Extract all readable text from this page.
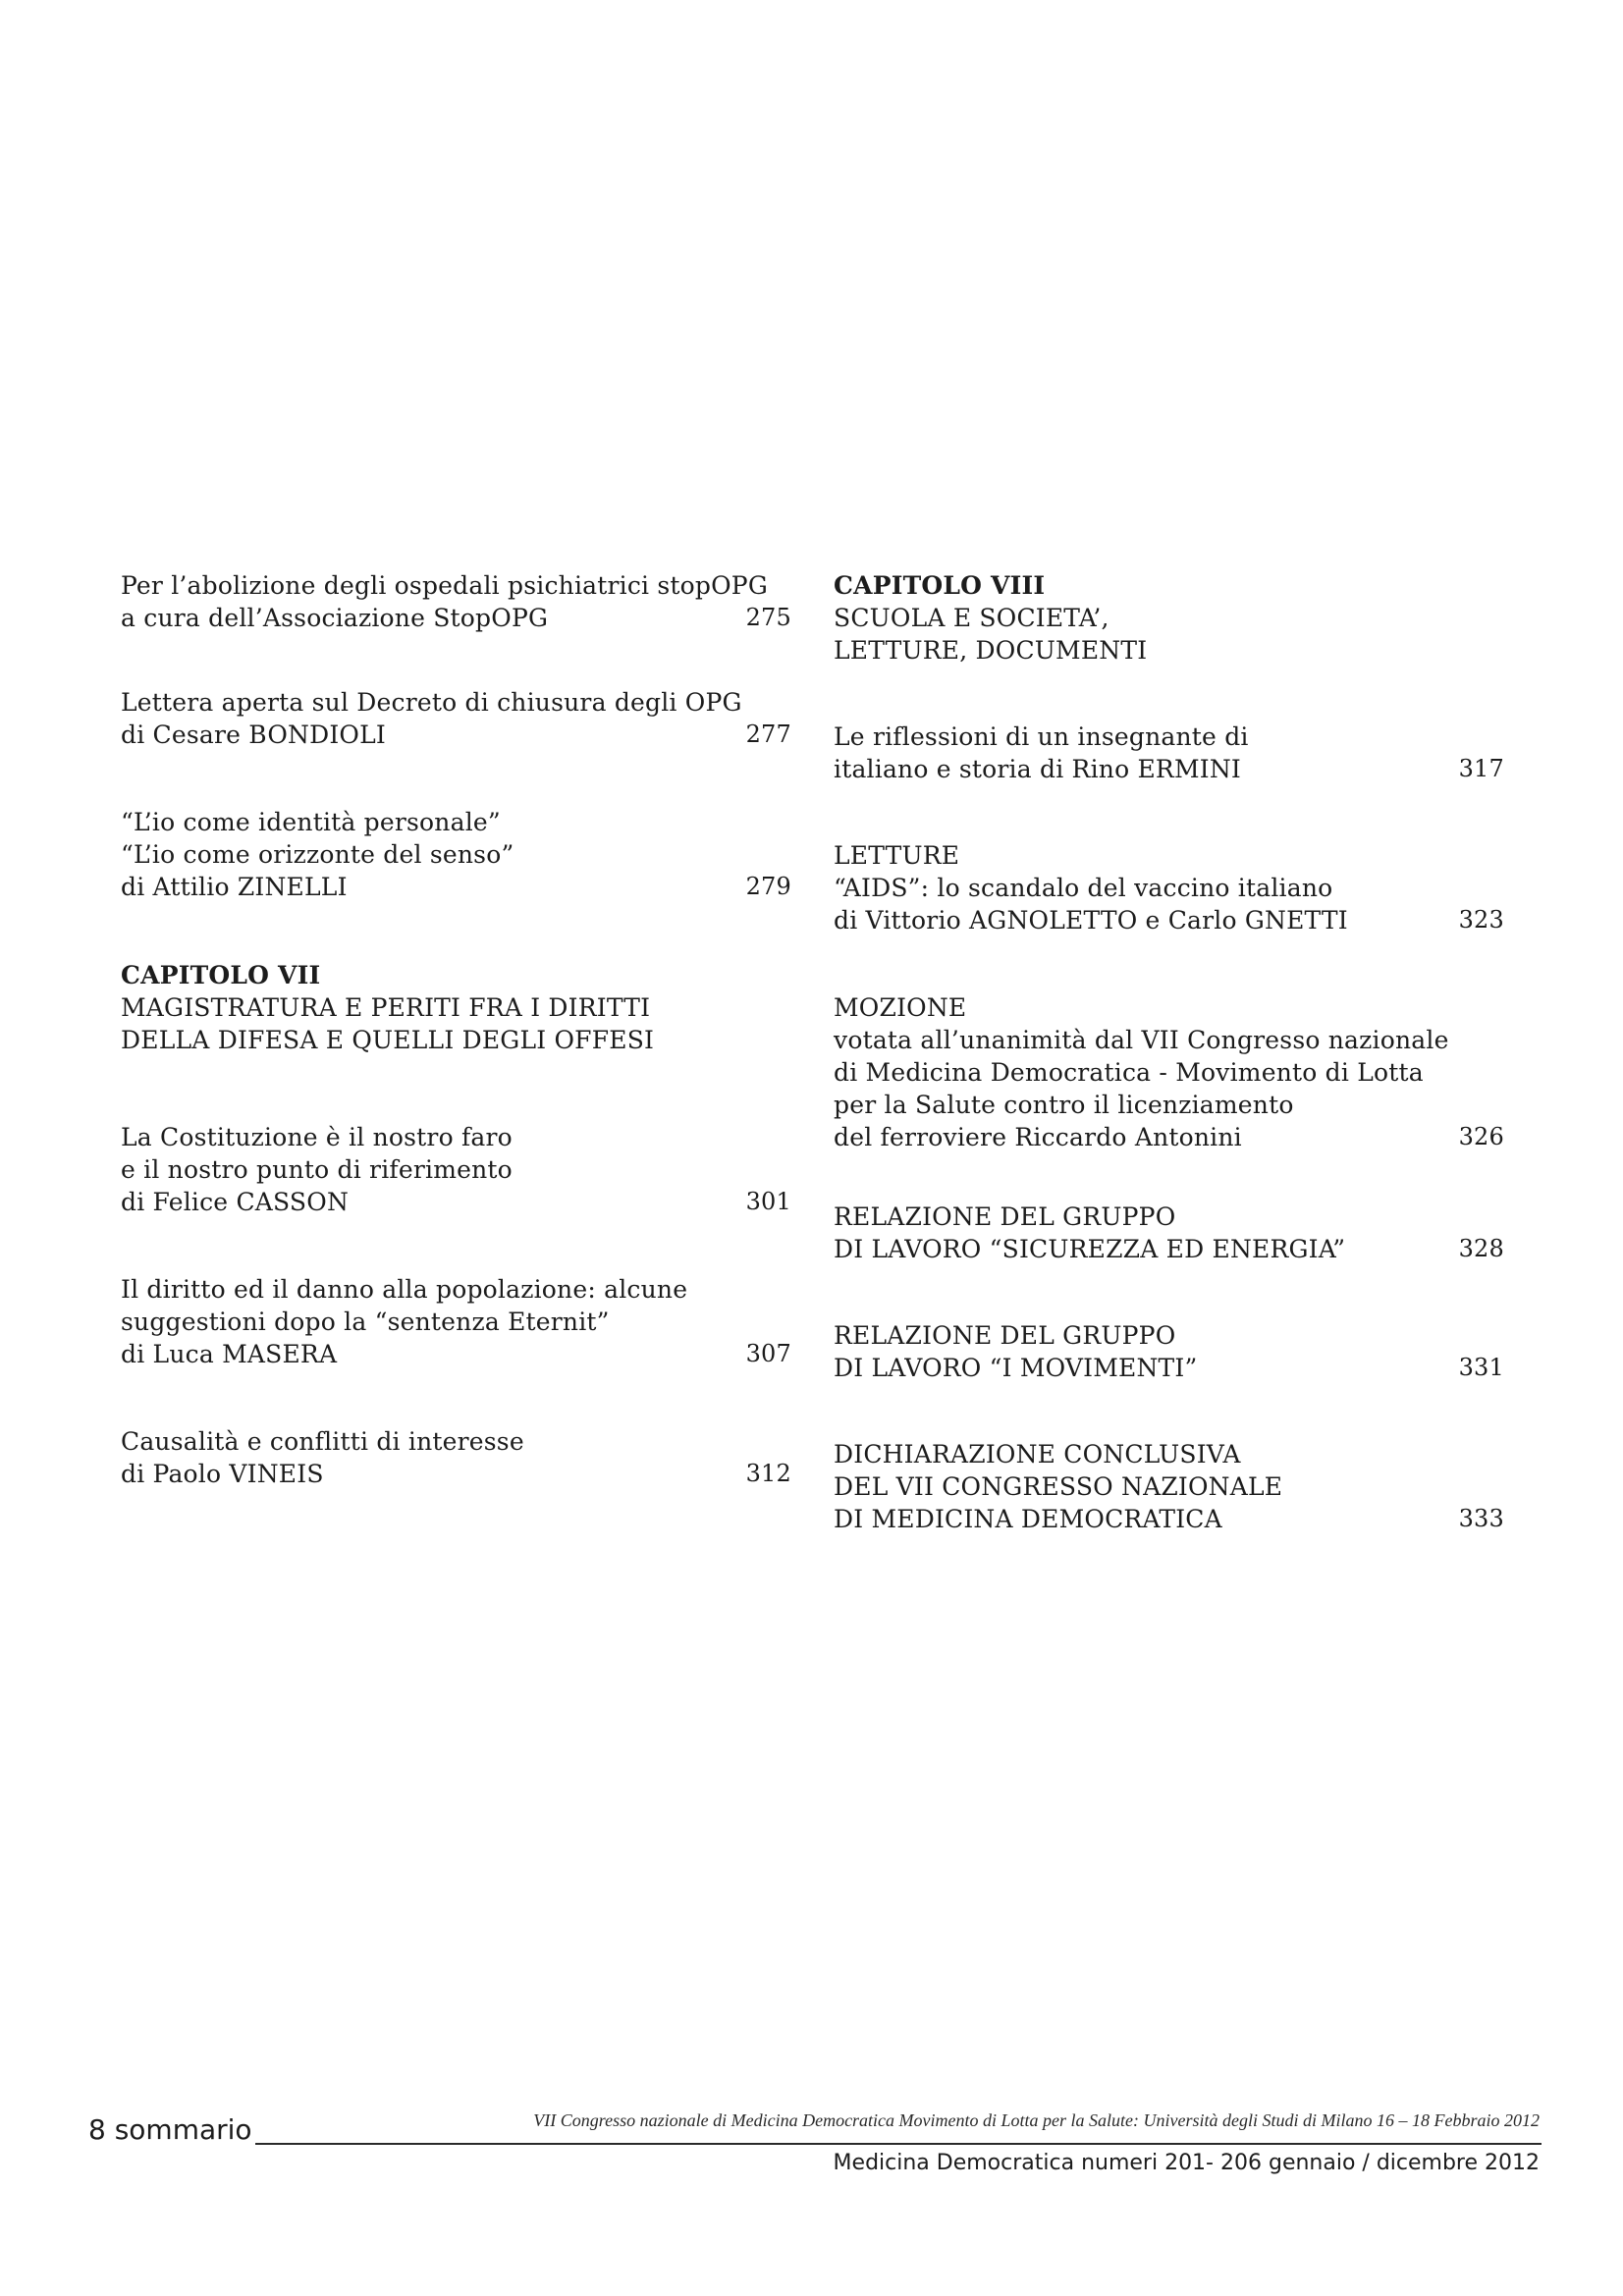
Per l’abolizione degli ospedali psichiatrici stopOPG
a cura dell’Associazione StopOPG	275
Lettera aperta sul Decreto di chiusura degli OPG
di Cesare BONDIOLI	277
“L’io come identità personale”
“L’io come orizzonte del senso”
di Attilio ZINELLI	279
CAPITOLO VII
MAGISTRATURA E PERITI FRA I DIRITTI
DELLA DIFESA E QUELLI DEGLI OFFESI
La Costituzione è il nostro faro
e il nostro punto di riferimento
di Felice CASSON	301
Il diritto ed il danno alla popolazione: alcune
suggestioni dopo la “sentenza Eternit”
di Luca MASERA	307
Causalità e conflitti di interesse
di Paolo VINEIS	312
CAPITOLO VIII
SCUOLA E SOCIETA’,
LETTURE, DOCUMENTI
Le riflessioni di un insegnante di
italiano e storia di Rino ERMINI	317
LETTURE
“AIDS”: lo scandalo del vaccino italiano
di Vittorio AGNOLETTO e Carlo GNETTI	323
MOZIONE
votata all’unanimità dal VII Congresso nazionale
di Medicina Democratica - Movimento di Lotta
per la Salute contro il licenziamento
del ferroviere Riccardo Antonini	326
RELAZIONE DEL GRUPPO
DI LAVORO “SICUREZZA ED ENERGIA”	328
RELAZIONE DEL GRUPPO
DI LAVORO “I MOVIMENTI”	331
DICHIARAZIONE CONCLUSIVA
DEL VII CONGRESSO NAZIONALE
DI MEDICINA DEMOCRATICA	333
8 sommario	VII Congresso nazionale di Medicina Democratica Movimento di Lotta per la Salute: Università degli Studi di Milano 16 – 18 Febbraio 2012
Medicina Democratica numeri 201- 206 gennaio / dicembre 2012
